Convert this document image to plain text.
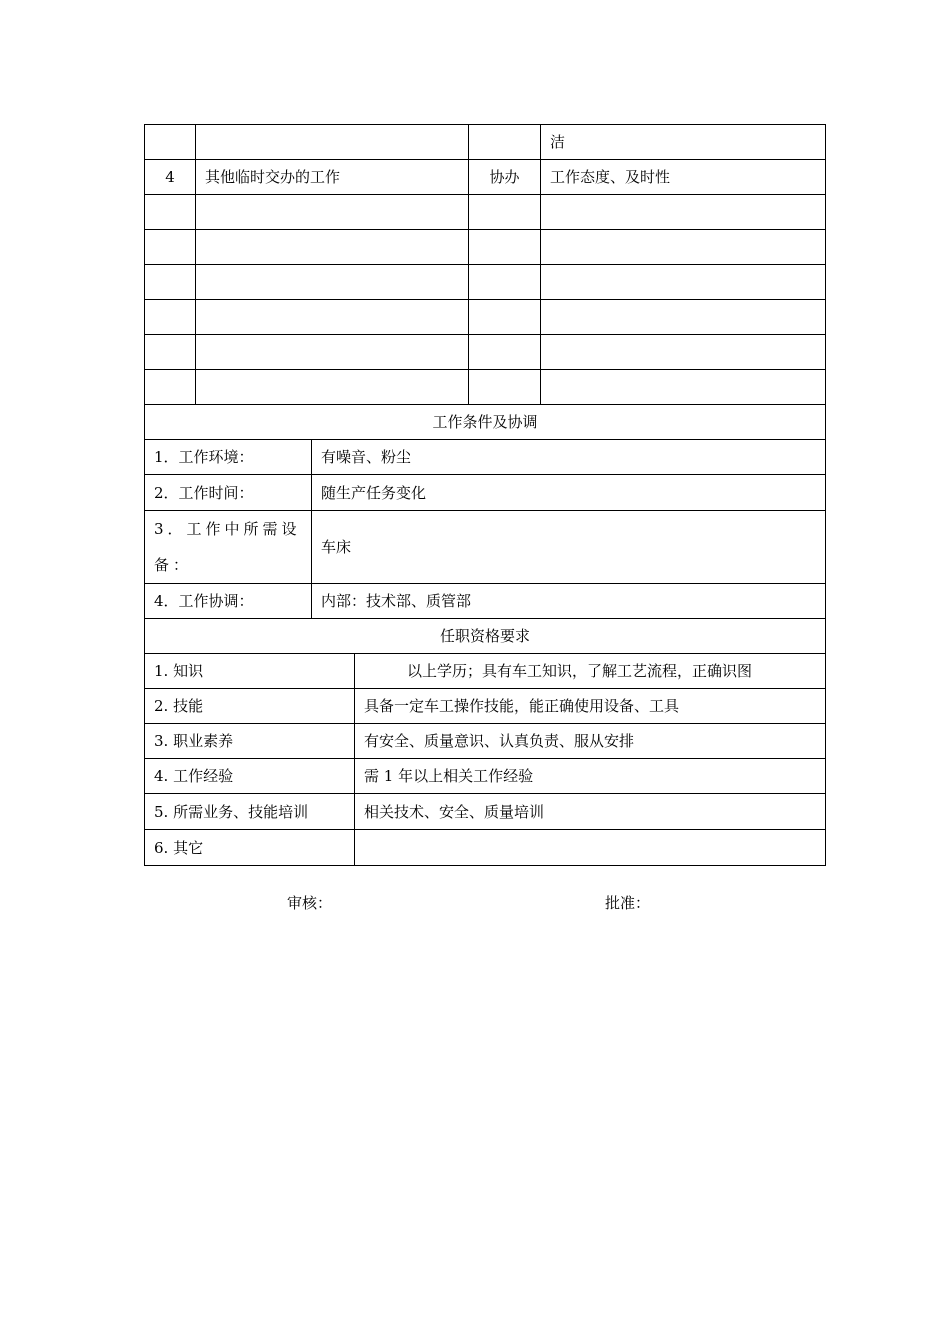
			洁
4	其他临时交办的工作	协办	工作态度、及时性

工作条件及协调	
1．工作环境：	有噪音、粉尘
2．工作时间：	随生产任务变化
3．工作中所需设备：	车床
4．工作协调：	内部：技术部、质管部
任职资格要求	
1. 知识	以上学历；具有车工知识，了解工艺流程，正确识图
2. 技能	具备一定车工操作技能，能正确使用设备、工具
3. 职业素养	有安全、质量意识、认真负责、服从安排
4. 工作经验	需 1 年以上相关工作经验
5. 所需业务、技能培训	相关技术、安全、质量培训
6. 其它	
审核：	批准：
